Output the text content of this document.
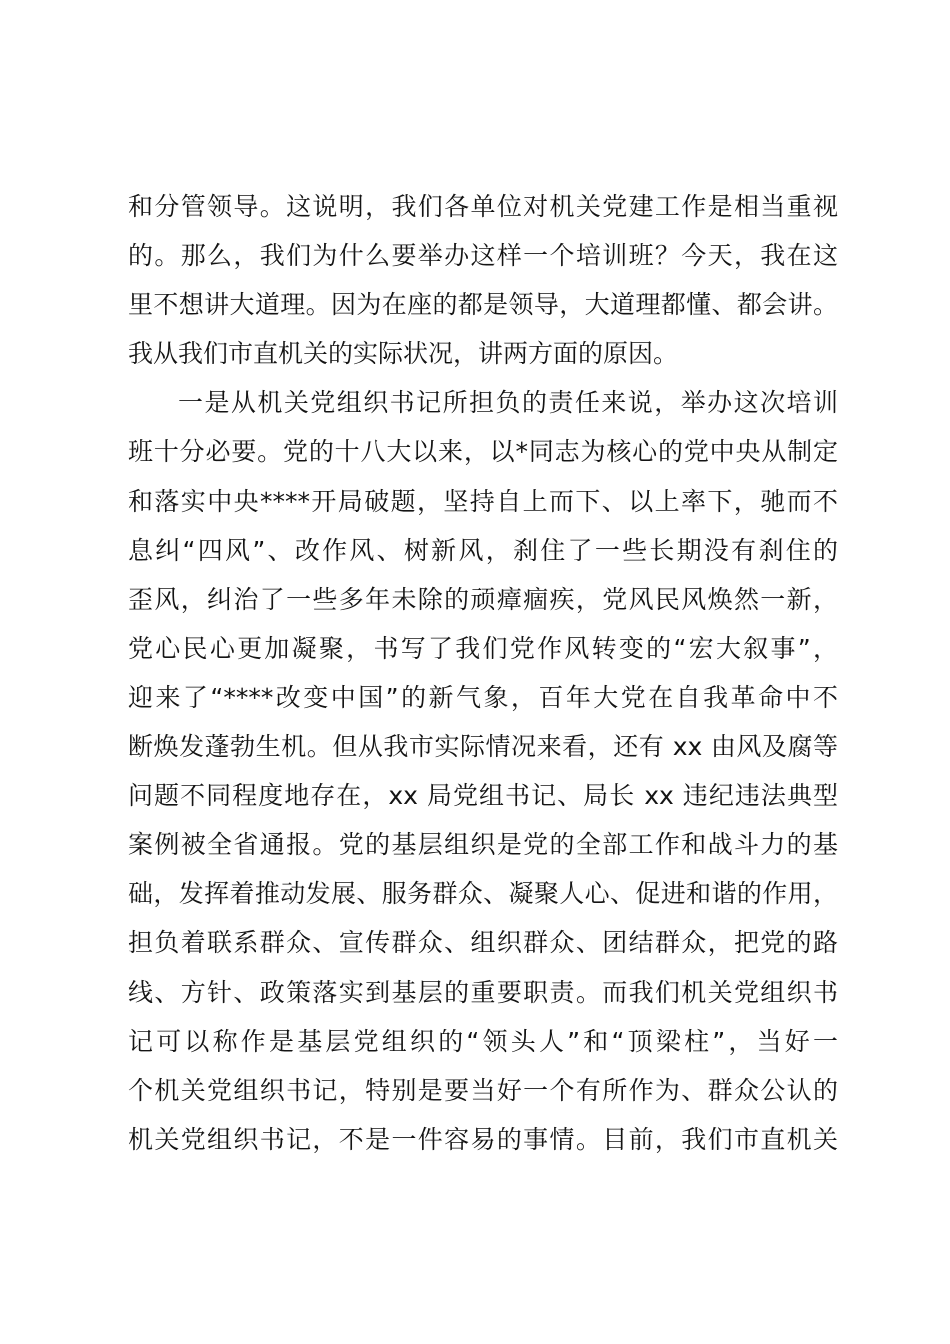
和分管领导。这说明，我们各单位对机关党建工作是相当重视
的。那么，我们为什么要举办这样一个培训班？今天，我在这
里不想讲大道理。因为在座的都是领导，大道理都懂、都会讲。
我从我们市直机关的实际状况，讲两方面的原因。
一是从机关党组织书记所担负的责任来说，举办这次培训
班十分必要。党的十八大以来，以*同志为核心的党中央从制定
和落实中央****开局破题，坚持自上而下、以上率下，驰而不
息纠“四风”、改作风、树新风，刹住了一些长期没有刹住的
歪风，纠治了一些多年未除的顽瘴痼疾，党风民风焕然一新，
党心民心更加凝聚，书写了我们党作风转变的“宏大叙事”，
迎来了“****改变中国”的新气象，百年大党在自我革命中不
断焕发蓬勃生机。但从我市实际情况来看，还有 xx 由风及腐等
问题不同程度地存在，xx 局党组书记、局长 xx 违纪违法典型
案例被全省通报。党的基层组织是党的全部工作和战斗力的基
础，发挥着推动发展、服务群众、凝聚人心、促进和谐的作用，
担负着联系群众、宣传群众、组织群众、团结群众，把党的路
线、方针、政策落实到基层的重要职责。而我们机关党组织书
记可以称作是基层党组织的“领头人”和“顶梁柱”，当好一
个机关党组织书记，特别是要当好一个有所作为、群众公认的
机关党组织书记，不是一件容易的事情。目前，我们市直机关
